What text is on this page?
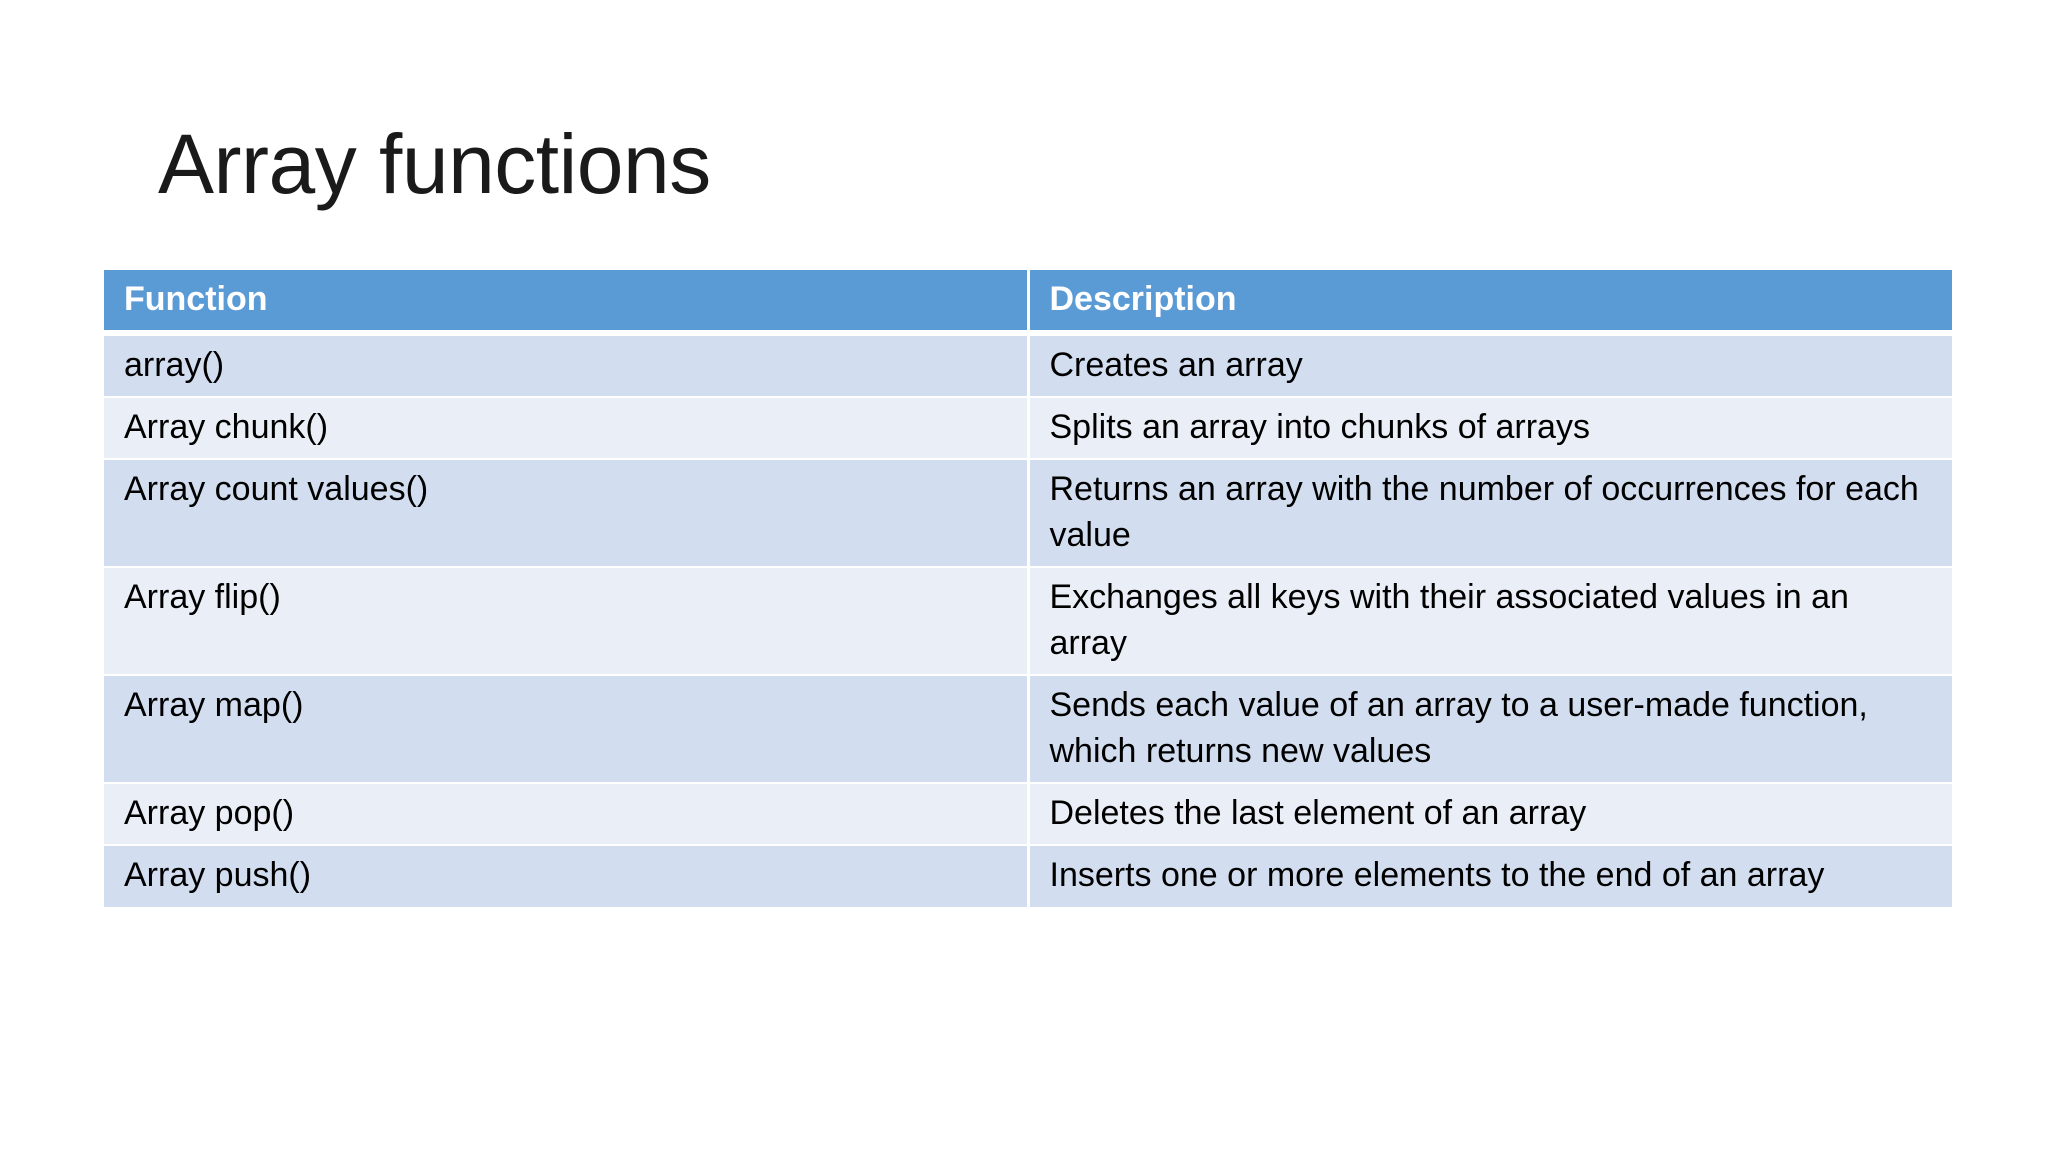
Array functions
Function	Description
array()	Creates an array
Array chunk()	Splits an array into chunks of arrays
Array count values()	Returns an array with the number of occurrences for each value
Array flip()	Exchanges all keys with their associated values in an array
Array map()	Sends each value of an array to a user-made function, which returns new values
Array pop()	Deletes the last element of an array
Array push()	Inserts one or more elements to the end of an array
